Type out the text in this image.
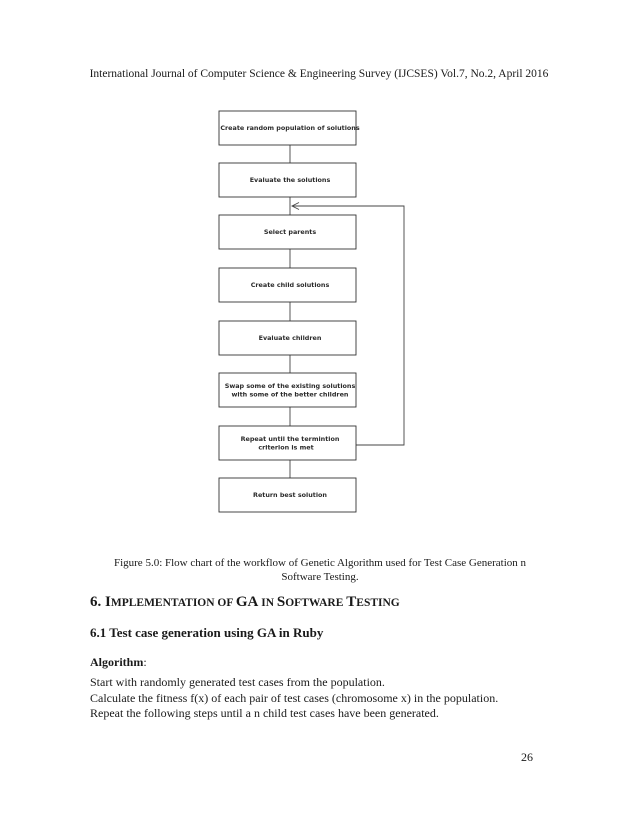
International Journal of Computer Science & Engineering Survey (IJCSES) Vol.7, No.2, April 2016
Create random population of solutions
Evaluate the solutions
Select parents
Create child solutions
Evaluate children
Swap some of the existing solutions
with some of the better children
Repeat until the termintion
criterion is met
Return best solution
Figure 5.0: Flow chart of the workflow of Genetic Algorithm used for Test Case Generation n Software Testing.
6. IMPLEMENTATION OF GA IN SOFTWARE TESTING
6.1 Test case generation using GA in Ruby
Algorithm:

Start with randomly generated test cases from the population.

Calculate the fitness f(x) of each pair of test cases (chromosome x) in the population.

Repeat the following steps until a n child test cases have been generated.

26
